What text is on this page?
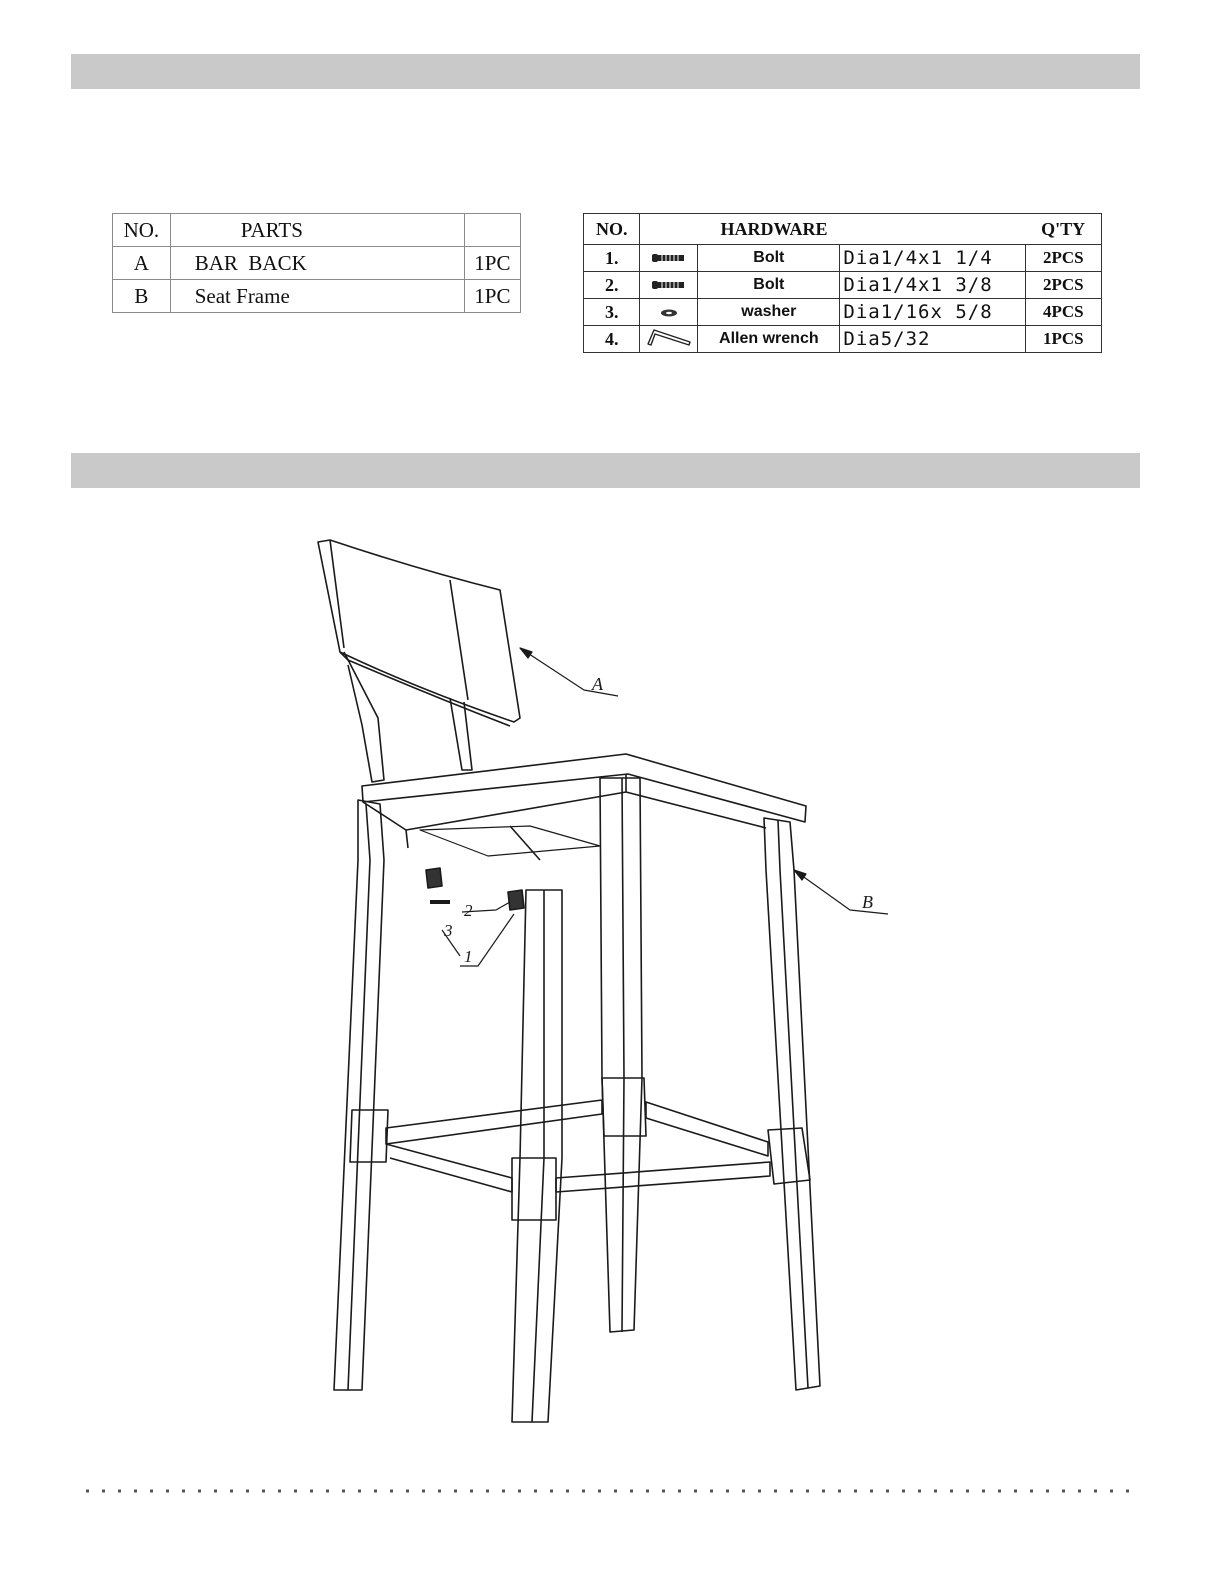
NO.	PARTS	
A	BAR  BACK	1PC
B	Seat Frame	1PC
NO.	HARDWARE			Q'TY
1.		Bolt	Dia1/4x1 1/4	2PCS
2.		Bolt	Dia1/4x1 3/8	2PCS
3.		washer	Dia1/16x 5/8	4PCS
4.		Allen wrench	Dia5/32	1PCS
A
B
1
2
3
